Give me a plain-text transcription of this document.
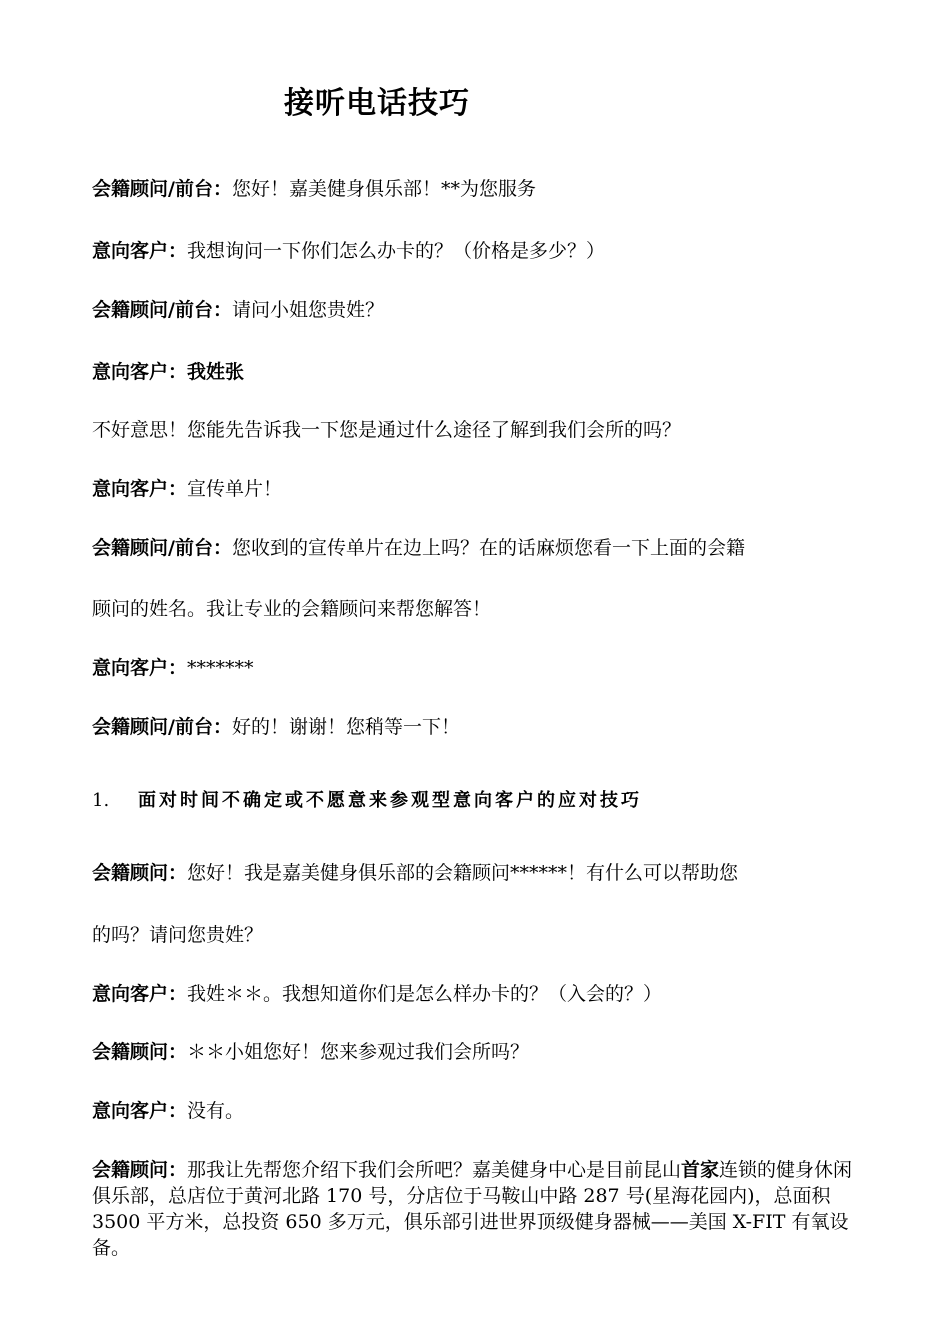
接听电话技巧
会籍顾问/前台：您好！嘉美健身俱乐部！**为您服务
意向客户：我想询问一下你们怎么办卡的？（价格是多少？）
会籍顾问/前台：请问小姐您贵姓？
意向客户：我姓张
不好意思！您能先告诉我一下您是通过什么途径了解到我们会所的吗？
意向客户：宣传单片！
会籍顾问/前台：您收到的宣传单片在边上吗？在的话麻烦您看一下上面的会籍
顾问的姓名。我让专业的会籍顾问来帮您解答！
意向客户：*******
会籍顾问/前台：好的！谢谢！您稍等一下！
1. 面对时间不确定或不愿意来参观型意向客户的应对技巧
会籍顾问：您好！我是嘉美健身俱乐部的会籍顾问******！有什么可以帮助您
的吗？请问您贵姓？
意向客户：我姓＊＊。我想知道你们是怎么样办卡的？（入会的？）
会籍顾问：＊＊小姐您好！您来参观过我们会所吗？
意向客户：没有。
会籍顾问：那我让先帮您介绍下我们会所吧？嘉美健身中心是目前昆山首家连锁的健身休闲俱乐部，总店位于黄河北路 170 号，分店位于马鞍山中路 287 号(星海花园内)，总面积 3500 平方米，总投资 650 多万元，俱乐部引进世界顶级健身器械——美国 X-FIT 有氧设备。
